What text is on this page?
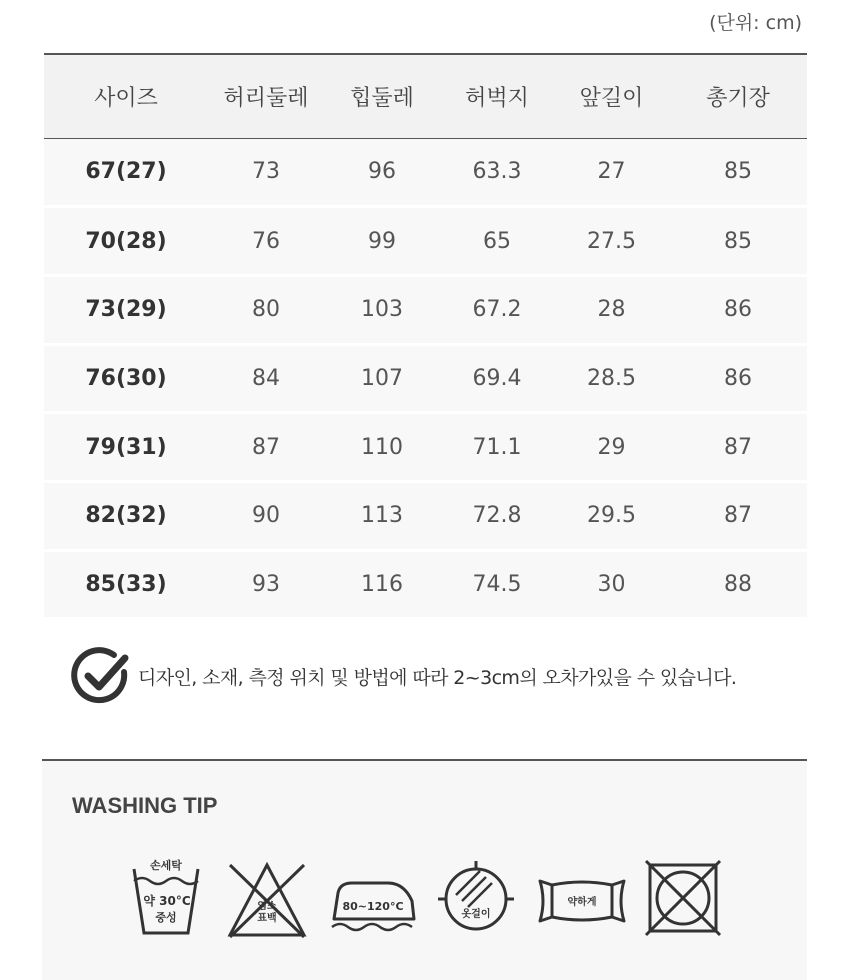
(단위: cm)
사이즈	허리둘레	힙둘레	허벅지	앞길이	총기장
67(27)	73	96	63.3	27	85
70(28)	76	99	65	27.5	85
73(29)	80	103	67.2	28	86
76(30)	84	107	69.4	28.5	86
79(31)	87	110	71.1	29	87
82(32)	90	113	72.8	29.5	87
85(33)	93	116	74.5	30	88
디자인, 소재, 측정 위치 및 방법에 따라 2~3cm의 오차가있을 수 있습니다.
WASHING TIP
손세탁
약 30°C
중성
염소
표백
80~120°C
옷걸이
약하게
